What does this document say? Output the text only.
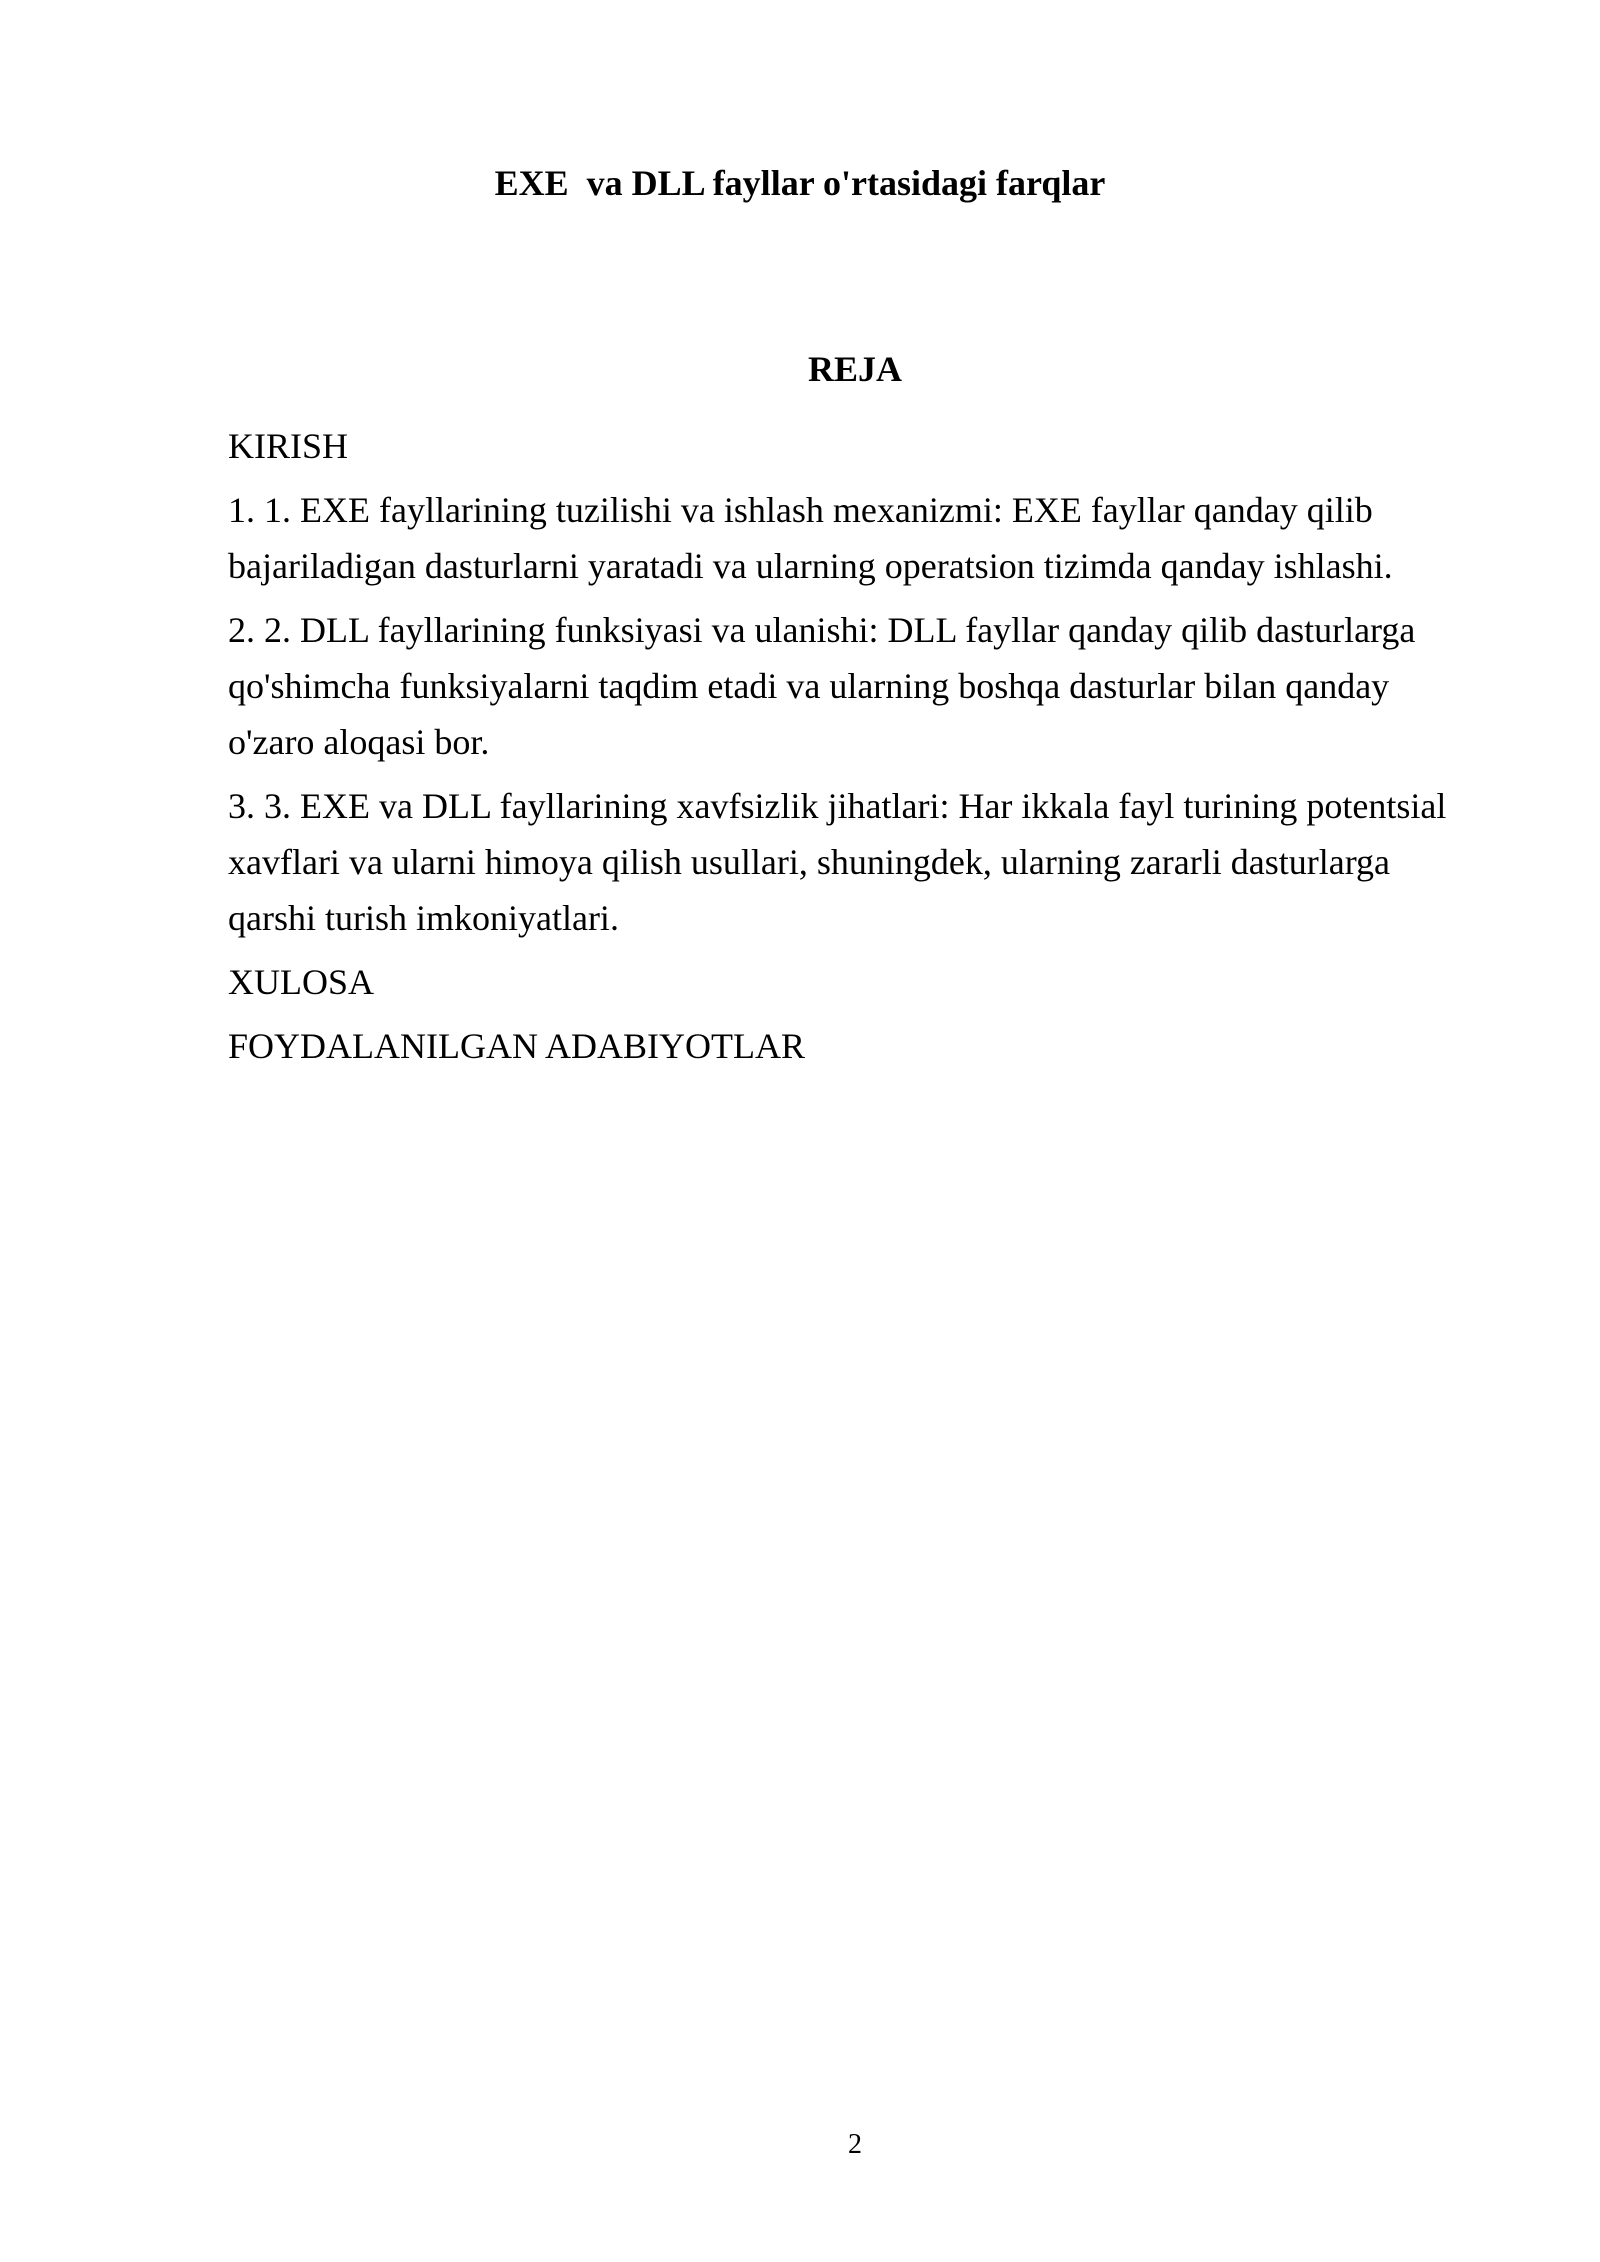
EXE  va DLL fayllar o'rtasidagi farqlar
REJA
KIRISH
1. 1. EXE fayllarining tuzilishi va ishlash mexanizmi: EXE fayllar qanday qilib bajariladigan dasturlarni yaratadi va ularning operatsion tizimda qanday ishlashi.
2. 2. DLL fayllarining funksiyasi va ulanishi: DLL fayllar qanday qilib dasturlarga qo'shimcha funksiyalarni taqdim etadi va ularning boshqa dasturlar bilan qanday o'zaro aloqasi bor.
3. 3. EXE va DLL fayllarining xavfsizlik jihatlari: Har ikkala fayl turining potentsial xavflari va ularni himoya qilish usullari, shuningdek, ularning zararli dasturlarga qarshi turish imkoniyatlari.
XULOSA
FOYDALANILGAN ADABIYOTLAR
2
